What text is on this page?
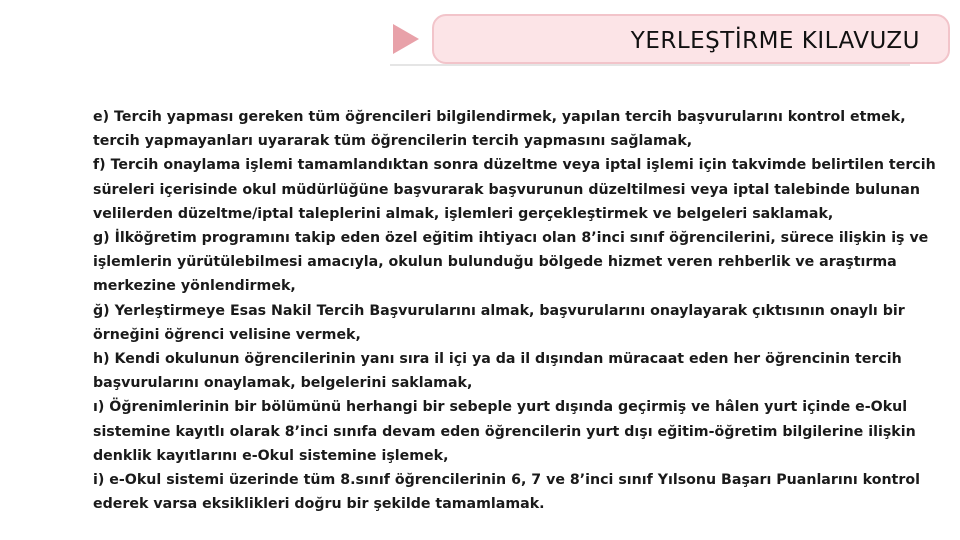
YERLEŞTİRME KILAVUZU

e) Tercih yapması gereken tüm öğrencileri bilgilendirmek, yapılan tercih başvurularını kontrol etmek, tercih yapmayanları uyararak tüm öğrencilerin tercih yapmasını sağlamak,

f) Tercih onaylama işlemi tamamlandıktan sonra düzeltme veya iptal işlemi için takvimde belirtilen tercih süreleri içerisinde okul müdürlüğüne başvurarak başvurunun düzeltilmesi veya iptal talebinde bulunan velilerden düzeltme/iptal taleplerini almak, işlemleri gerçekleştirmek ve belgeleri saklamak,

g) İlköğretim programını takip eden özel eğitim ihtiyacı olan 8’inci sınıf öğrencilerini, sürece ilişkin iş ve işlemlerin yürütülebilmesi amacıyla, okulun bulunduğu bölgede hizmet veren rehberlik ve araştırma merkezine yönlendirmek,

ğ) Yerleştirmeye Esas Nakil Tercih Başvurularını almak, başvurularını onaylayarak çıktısının onaylı bir örneğini öğrenci velisine vermek,

h) Kendi okulunun öğrencilerinin yanı sıra il içi ya da il dışından müracaat eden her öğrencinin tercih başvurularını onaylamak, belgelerini saklamak,

ı) Öğrenimlerinin bir bölümünü herhangi bir sebeple yurt dışında geçirmiş ve hâlen yurt içinde e-Okul sistemine kayıtlı olarak 8’inci sınıfa devam eden öğrencilerin yurt dışı eğitim-öğretim bilgilerine ilişkin denklik kayıtlarını e-Okul sistemine işlemek,

i) e-Okul sistemi üzerinde tüm 8.sınıf öğrencilerinin 6, 7 ve 8’inci sınıf Yılsonu Başarı Puanlarını kontrol ederek varsa eksiklikleri doğru bir şekilde tamamlamak.
